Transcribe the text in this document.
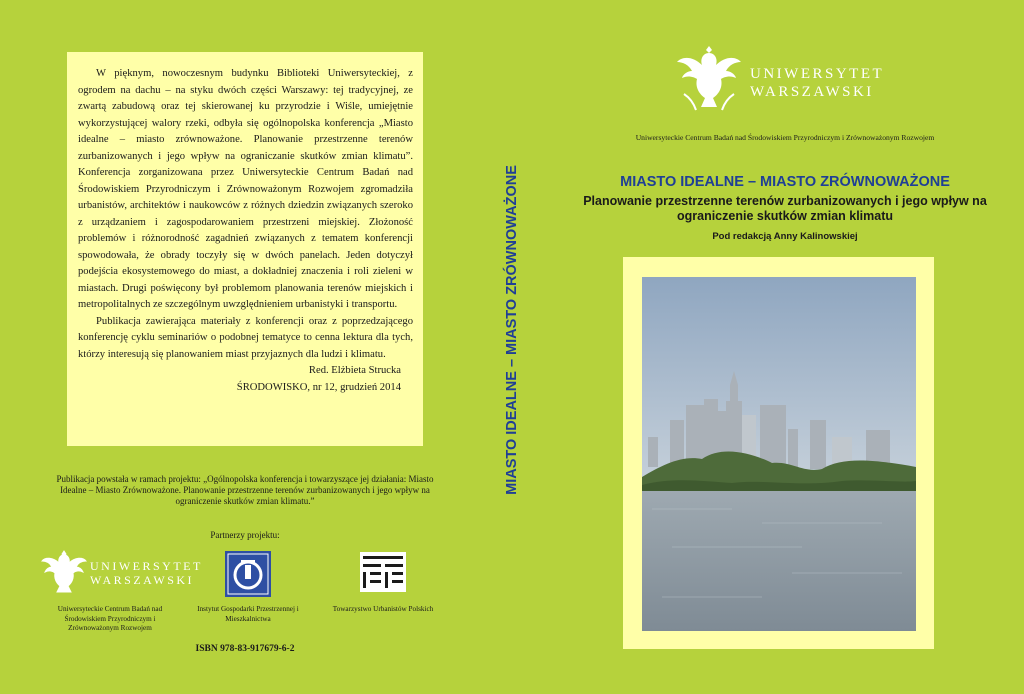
W pięknym, nowoczesnym budynku Biblioteki Uniwersyteckiej, z ogrodem na dachu – na styku dwóch części Warszawy: tej tradycyjnej, ze zwartą zabudową oraz tej skierowanej ku przyrodzie i Wiśle, umiejętnie wykorzystującej walory rzeki, odbyła się ogólnopolska konferencja „Miasto idealne – miasto zrównoważone. Planowanie przestrzenne terenów zurbanizowanych i jego wpływ na ograniczanie skutków zmian klimatu”. Konferencja zorganizowana przez Uniwersyteckie Centrum Badań nad Środowiskiem Przyrodniczym i Zrównoważonym Rozwojem zgromadziła urbanistów, architektów i naukowców z różnych dziedzin związanych szeroko z urządzaniem i zagospodarowaniem przestrzeni miejskiej. Złożoność problemów i różnorodność zagadnień związanych z tematem konferencji spowodowała, że obrady toczyły się w dwóch panelach. Jeden dotyczył podejścia ekosystemowego do miast, a dokładniej znaczenia i roli zieleni w miastach. Drugi poświęcony był problemom planowania terenów miejskich i metropolitalnych ze szczególnym uwzględnieniem urbanistyki i transportu.

Publikacja zawierająca materiały z konferencji oraz z poprzedzającego konferencję cyklu seminariów o podobnej tematyce to cenna lektura dla tych, którzy interesują się planowaniem miast przyjaznych dla ludzi i klimatu.

Red. Elżbieta Strucka

ŚRODOWISKO, nr 12, grudzień 2014

Publikacja powstała w ramach projektu: „Ogólnopolska konferencja i towarzyszące jej działania: Miasto Idealne – Miasto Zrównoważone. Planowanie przestrzenne terenów zurbanizowanych i jego wpływ na ograniczenie skutków zmian klimatu.”
Partnerzy projektu:
UNIWERSYTET
WARSZAWSKI
Uniwersyteckie Centrum Badań nad Środowiskiem Przyrodniczym i Zrównoważonym Rozwojem
Instytut Gospodarki Przestrzennej i Mieszkalnictwa
Towarzystwo Urbanistów Polskich
ISBN 978-83-917679-6-2
MIASTO IDEALNE – MIASTO ZRÓWNOWAŻONE
UNIWERSYTET
WARSZAWSKI
Uniwersyteckie Centrum Badań nad Środowiskiem Przyrodniczym i Zrównoważonym Rozwojem
MIASTO IDEALNE – MIASTO ZRÓWNOWAŻONE
Planowanie przestrzenne terenów zurbanizowanych i jego wpływ na ograniczenie skutków zmian klimatu
Pod redakcją Anny Kalinowskiej
